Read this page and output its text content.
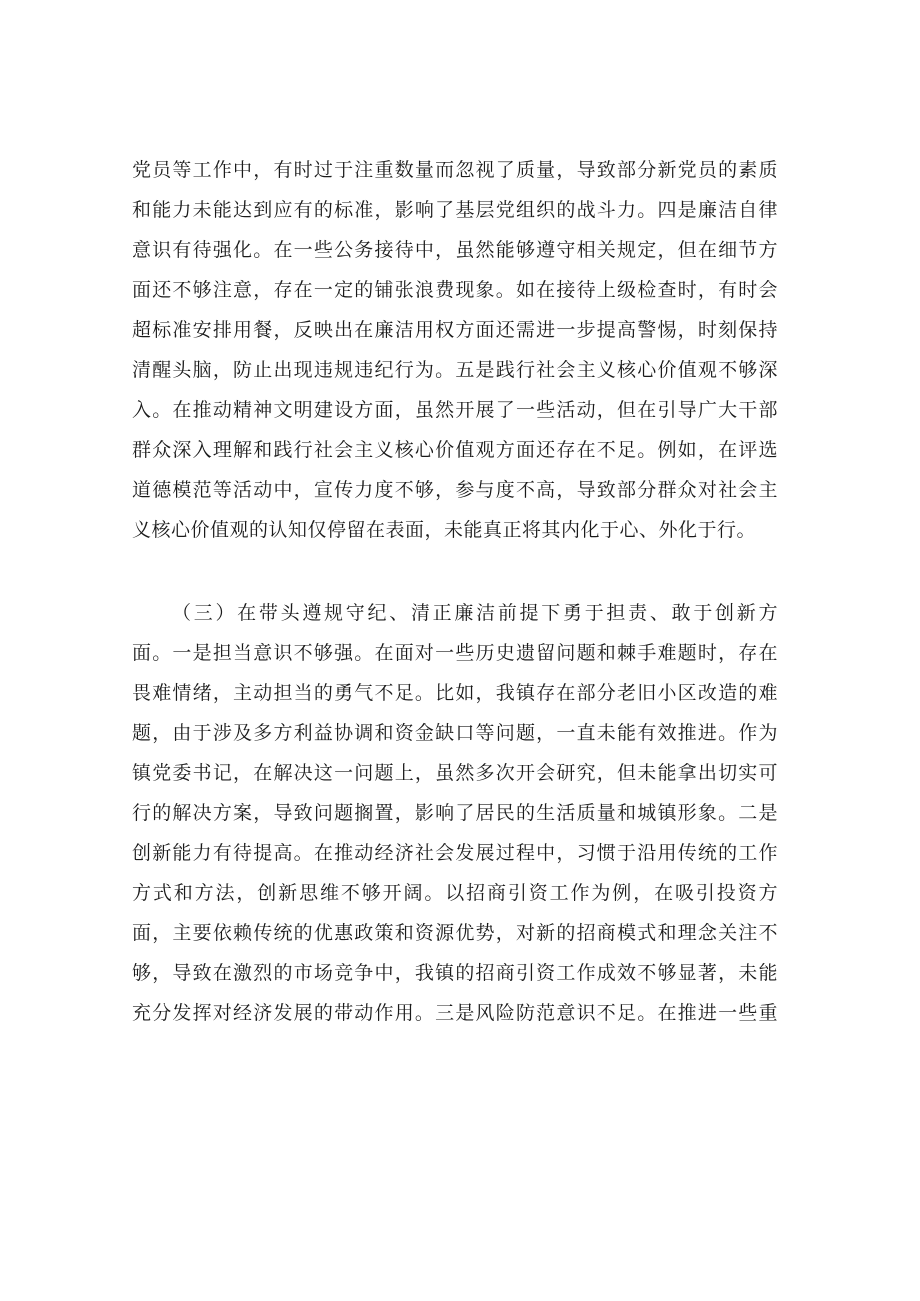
党员等工作中，有时过于注重数量而忽视了质量，导致部分新党员的素质
和能力未能达到应有的标准，影响了基层党组织的战斗力。四是廉洁自律
意识有待强化。在一些公务接待中，虽然能够遵守相关规定，但在细节方
面还不够注意，存在一定的铺张浪费现象。如在接待上级检查时，有时会
超标准安排用餐，反映出在廉洁用权方面还需进一步提高警惕，时刻保持
清醒头脑，防止出现违规违纪行为。五是践行社会主义核心价值观不够深
入。在推动精神文明建设方面，虽然开展了一些活动，但在引导广大干部
群众深入理解和践行社会主义核心价值观方面还存在不足。例如，在评选
道德模范等活动中，宣传力度不够，参与度不高，导致部分群众对社会主
义核心价值观的认知仅停留在表面，未能真正将其内化于心、外化于行。
（三）在带头遵规守纪、清正廉洁前提下勇于担责、敢于创新方
面。一是担当意识不够强。在面对一些历史遗留问题和棘手难题时，存在
畏难情绪，主动担当的勇气不足。比如，我镇存在部分老旧小区改造的难
题，由于涉及多方利益协调和资金缺口等问题，一直未能有效推进。作为
镇党委书记，在解决这一问题上，虽然多次开会研究，但未能拿出切实可
行的解决方案，导致问题搁置，影响了居民的生活质量和城镇形象。二是
创新能力有待提高。在推动经济社会发展过程中，习惯于沿用传统的工作
方式和方法，创新思维不够开阔。以招商引资工作为例，在吸引投资方
面，主要依赖传统的优惠政策和资源优势，对新的招商模式和理念关注不
够，导致在激烈的市场竞争中，我镇的招商引资工作成效不够显著，未能
充分发挥对经济发展的带动作用。三是风险防范意识不足。在推进一些重
